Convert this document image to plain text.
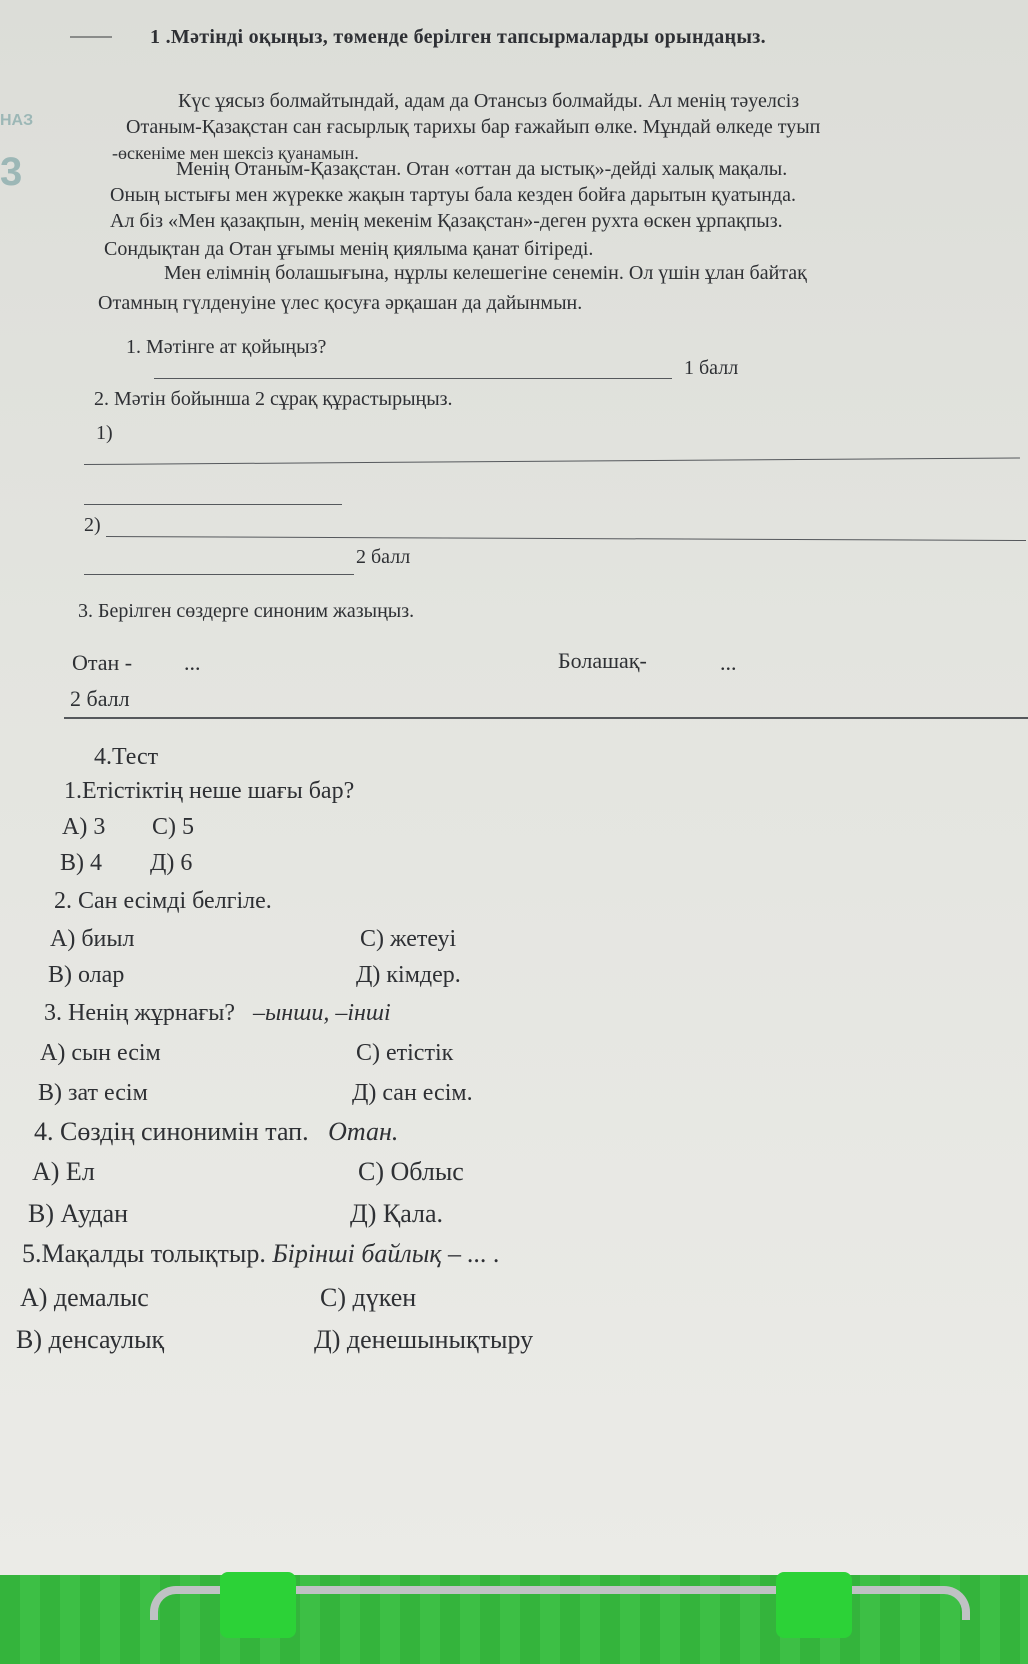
НАЗ
3
1 .Мәтінді оқыңыз, төменде берілген тапсырмаларды орындаңыз.
Күс ұясыз болмайтындай, адам да Отансыз болмайды. Ал менің тәуелсіз
Отаным-Қазақстан сан ғасырлық тарихы бар ғажайып өлке. Мұндай өлкеде туып
-өскеніме мен шексіз қуанамын.
Менің Отаным-Қазақстан. Отан «оттан да ыстық»-дейді халық мақалы.
Оның ыстығы мен жүрекке жақын тартуы бала кезден бойға дарытын қуатында.
Ал біз «Мен қазақпын, менің мекенім Қазақстан»-деген рухта өскен ұрпақпыз.
Сондықтан да Отан ұғымы менің қиялыма қанат бітіреді.
Мен елімнің болашығына, нұрлы келешегіне сенемін. Ол үшін ұлан байтақ
Отамның гүлденуіне үлес қосуға әрқашан да дайынмын.
1. Мәтінге ат қойыңыз?
1 балл
2. Мәтін бойынша 2 сұрақ құрастырыңыз.
1)
2)
2 балл
3. Берілген сөздерге синоним жазыңыз.
Отан - ...	Болашақ-	...
2 балл
4.Тест
1.Етістіктің неше шағы бар?
А) 3 С) 5
В) 4 Д) 6
2. Сан есімді белгіле.
А) биыл	С) жетеуі
В) олар	Д) кімдер.
3. Ненің жұрнағы? –ынши, –інші
А) сын есім	С) етістік
В) зат есім	Д) сан есім.
4. Сөздің синонимін тап. Отан.
А) Ел	С) Облыс
В) Аудан	Д) Қала.
5.Мақалды толықтыр. Бірінші байлық – ... .
А) демалыс	С) дүкен
В) денсаулық	Д) денешынықтыру
